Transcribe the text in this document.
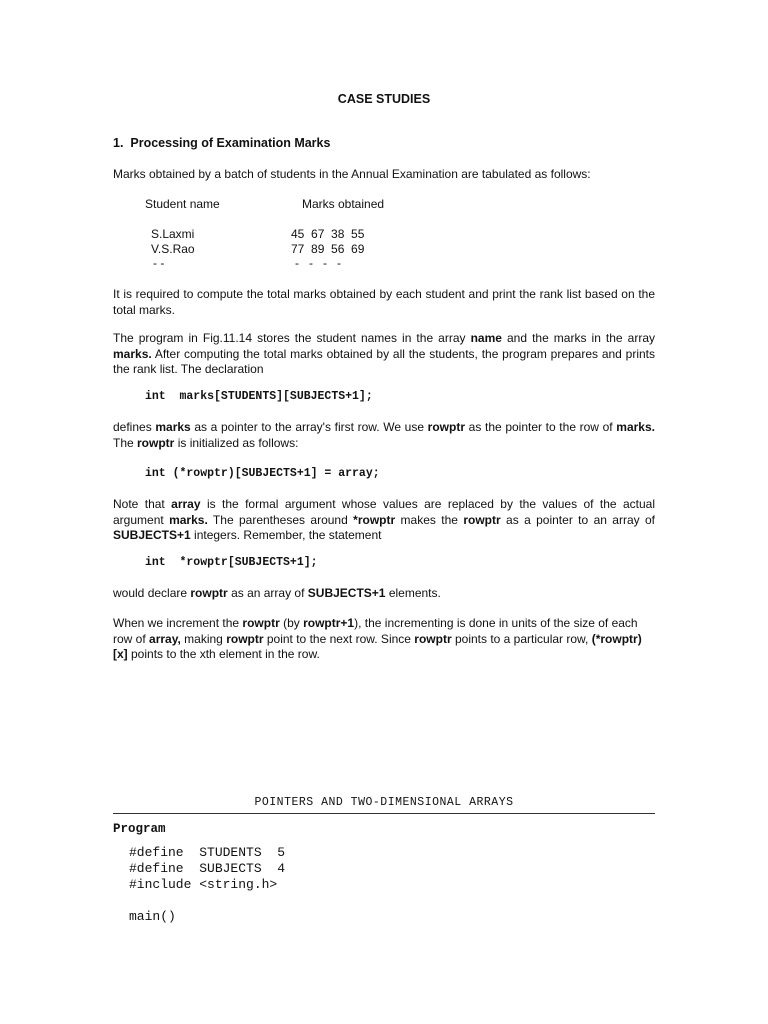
CASE STUDIES
1. Processing of Examination Marks
Marks obtained by a batch of students in the Annual Examination are tabulated as follows:
Student name	Marks obtained
S.Laxmi	45  67  38  55
V.S.Rao	77  89  56  69
- -	-   -   -   -
It is required to compute the total marks obtained by each student and print the rank list based on the total marks.
The program in Fig.11.14 stores the student names in the array name and the marks in the array marks. After computing the total marks obtained by all the students, the program prepares and prints the rank list. The declaration
int  marks[STUDENTS][SUBJECTS+1];
defines marks as a pointer to the array's first row. We use rowptr as the pointer to the row of marks. The rowptr is initialized as follows:
int (*rowptr)[SUBJECTS+1] = array;
Note that array is the formal argument whose values are replaced by the values of the actual argument marks. The parentheses around *rowptr makes the rowptr as a pointer to an array of SUBJECTS+1 integers. Remember, the statement
int  *rowptr[SUBJECTS+1];
would declare rowptr as an array of SUBJECTS+1 elements.
When we increment the rowptr (by rowptr+1), the incrementing is done in units of the size of each row of array, making rowptr point to the next row. Since rowptr points to a particular row, (*rowptr)[x] points to the xth element in the row.
POINTERS AND TWO-DIMENSIONAL ARRAYS
Program
#define  STUDENTS  5
#define  SUBJECTS  4
#include <string.h>
main()
